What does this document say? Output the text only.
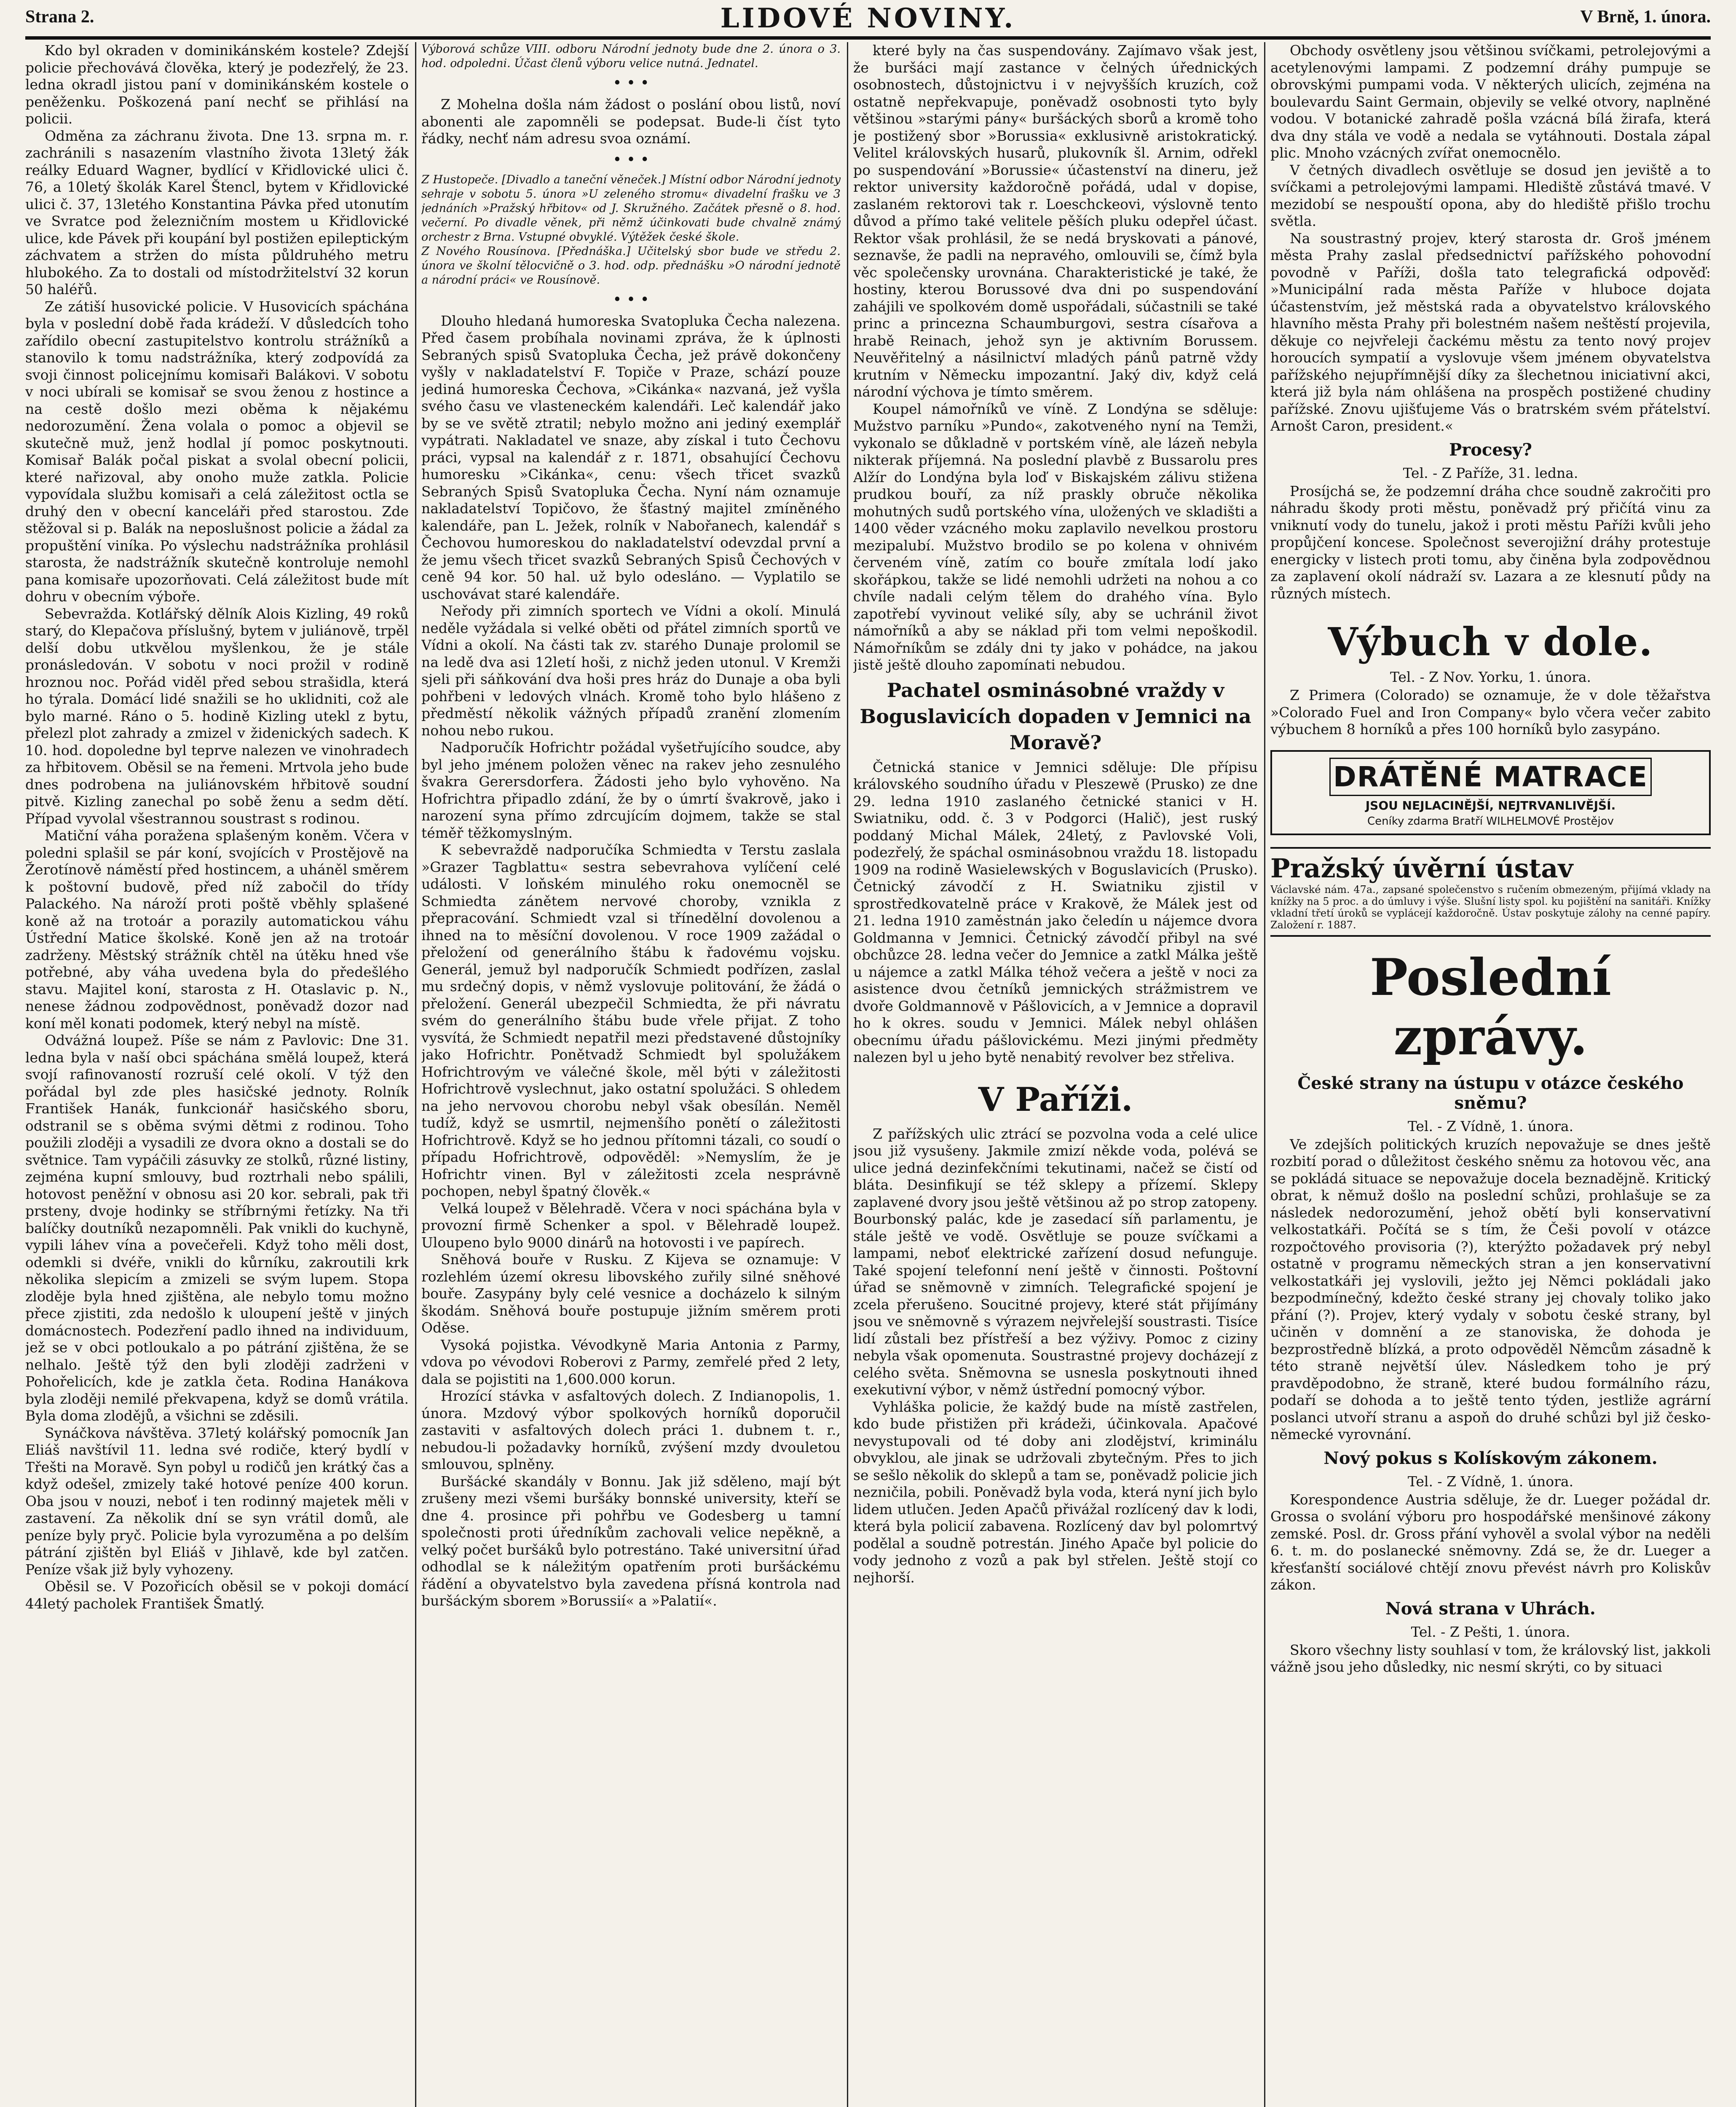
Strana 2.	LIDOVÉ NOVINY.	V Brně, 1. února.

Kdo byl okraden v dominikánském kostele? Zdejší policie přechovává člověka, který je podezřelý, že 23. ledna okradl jistou paní v dominikánském kostele o peněženku. Poškozená paní nechť se přihlásí na policii.

Odměna za záchranu života. Dne 13. srpna m. r. zachránili s nasazením vlastního života 13letý žák reálky Eduard Wagner, bydlící v Křidlovické ulici č. 76, a 10letý školák Karel Štencl, bytem v Křidlovické ulici č. 37, 13letého Konstantina Pávka před utonutím ve Svratce pod železničním mostem u Křidlovické ulice, kde Pávek při koupání byl postižen epileptickým záchvatem a stržen do místa půldruhého metru hlubokého. Za to dostali od místodržitelství 32 korun 50 haléřů.

Ze zátiší husovické policie. V Husovicích spáchána byla v poslední době řada krádeží. V důsledcích toho zařídilo obecní zastupitelstvo kontrolu strážníků a stanovilo k tomu nadstrážníka, který zodpovídá za svoji činnost policejnímu komisaři Balákovi. V sobotu v noci ubírali se komisař se svou ženou z hostince a na cestě došlo mezi oběma k nějakému nedorozumění. Žena volala o pomoc a objevil se skutečně muž, jenž hodlal jí pomoc poskytnouti. Komisař Balák počal piskat a svolal obecní policii, které nařizoval, aby onoho muže zatkla. Policie vypovídala službu komisaři a celá záležitost octla se druhý den v obecní kanceláři před starostou. Zde stěžoval si p. Balák na neposlušnost policie a žádal za propuštění viníka. Po výslechu nadstrážníka prohlásil starosta, že nadstrážník skutečně kontroluje nemohl pana komisaře upozorňovati. Celá záležitost bude mít dohru v obecním výboře.

Sebevražda. Kotlářský dělník Alois Kizling, 49 roků starý, do Klepačova příslušný, bytem v juliánově, trpěl delší dobu utkvělou myšlenkou, že je stále pronásledován. V sobotu v noci prožil v rodině hroznou noc. Pořád viděl před sebou strašidla, která ho týrala. Domácí lidé snažili se ho uklidniti, což ale bylo marné. Ráno o 5. hodině Kizling utekl z bytu, přelezl plot zahrady a zmizel v židenických sadech. K 10. hod. dopoledne byl teprve nalezen ve vinohradech za hřbitovem. Oběsil se na řemeni. Mrtvola jeho bude dnes podrobena na juliánovském hřbitově soudní pitvě. Kizling zanechal po sobě ženu a sedm dětí. Případ vyvolal všestrannou soustrast s rodinou.

Matiční váha poražena splašeným koněm. Včera v poledni splašil se pár koní, svojících v Prostějově na Žerotínově náměstí před hostincem, a uháněl směrem k poštovní budově, před níž zabočil do třídy Palackého. Na nároží proti poště vběhly splašené koně až na trotoár a porazily automatickou váhu Ústřední Matice školské. Koně jen až na trotoár zadrženy. Městský strážník chtěl na útěku hned vše potřebné, aby váha uvedena byla do předešlého stavu. Majitel koní, starosta z H. Otaslavic p. N., nenese žádnou zodpovědnost, poněvadž dozor nad koní měl konati podomek, který nebyl na místě.

Odvážná loupež. Píše se nám z Pavlovic: Dne 31. ledna byla v naší obci spáchána smělá loupež, která svojí rafinovaností rozruší celé okolí. V týž den pořádal byl zde ples hasičské jednoty. Rolník František Hanák, funkcionář hasičského sboru, odstranil se s oběma svými dětmi z rodinou. Toho použili zloději a vysadili ze dvora okno a dostali se do světnice. Tam vypáčili zásuvky ze stolků, různé listiny, zejména kupní smlouvy, bud roztrhali nebo spálili, hotovost peněžní v obnosu asi 20 kor. sebrali, pak tři prsteny, dvoje hodinky se stříbrnými řetízky. Na tři balíčky doutníků nezapomněli. Pak vnikli do kuchyně, vypili láhev vína a povečeřeli. Když toho měli dost, odemkli si dvéře, vnikli do kůrníku, zakroutili krk několika slepicím a zmizeli se svým lupem. Stopa zloděje byla hned zjištěna, ale nebylo tomu možno přece zjistiti, zda nedošlo k uloupení ještě v jiných domácnostech. Podezření padlo ihned na individuum, jež se v obci potloukalo a po pátrání zjištěna, že se nelhalo. Ještě týž den byli zloději zadrženi v Pohořelicích, kde je zatkla četa. Rodina Hanákova byla zloději nemilé překvapena, když se domů vrátila. Byla doma zlodějů, a všichni se zděsili.

Synáčkova návštěva. 37letý kolářský pomocník Jan Eliáš navštívil 11. ledna své rodiče, který bydlí v Třešti na Moravě. Syn pobyl u rodičů jen krátký čas a když odešel, zmizely také hotové peníze 400 korun. Oba jsou v nouzi, neboť i ten rodinný majetek měli v zastavení. Za několik dní se syn vrátil domů, ale peníze byly pryč. Policie byla vyrozuměna a po delším pátrání zjištěn byl Eliáš v Jihlavě, kde byl zatčen. Peníze však již byly vyhozeny.

Oběsil se. V Pozořicích oběsil se v pokoji domácí 44letý pacholek František Šmatlý.

Výborová schůze VIII. odboru Národní jednoty bude dne 2. února o 3. hod. odpoledni. Účast členů výboru velice nutná. Jednatel.

• • •

Z Mohelna došla nám žádost o poslání obou listů, noví abonenti ale zapomněli se podepsat. Bude-li číst tyto řádky, nechť nám adresu svoa oznámí.

• • •

Z Hustopeče. [Divadlo a taneční věneček.] Místní odbor Národní jednoty sehraje v sobotu 5. února »U zeleného stromu« divadelní frašku ve 3 jednáních »Pražský hřbitov« od J. Skružného. Začátek přesně o 8. hod. večerní. Po divadle věnek, při němž účinkovati bude chvalně známý orchestr z Brna. Vstupné obvyklé. Výtěžek české škole.

Z Nového Rousínova. [Přednáška.] Učitelský sbor bude ve středu 2. února ve školní tělocvičně o 3. hod. odp. přednášku »O národní jednotě a národní práci« ve Rousínově.

• • •

Dlouho hledaná humoreska Svatopluka Čecha nalezena. Před časem probíhala novinami zpráva, že k úplnosti Sebraných spisů Svatopluka Čecha, jež právě dokončeny vyšly v nakladatelství F. Topiče v Praze, schází pouze jediná humoreska Čechova, »Cikánka« nazvaná, jež vyšla svého času ve vlasteneckém kalendáři. Leč kalendář jako by se ve světě ztratil; nebylo možno ani jediný exemplář vypátrati. Nakladatel ve snaze, aby získal i tuto Čechovu práci, vypsal na kalendář z r. 1871, obsahující Čechovu humoresku »Cikánka«, cenu: všech třicet svazků Sebraných Spisů Svatopluka Čecha. Nyní nám oznamuje nakladatelství Topičovo, že šťastný majitel zmíněného kalendáře, pan L. Ježek, rolník v Nabořanech, kalendář s Čechovou humoreskou do nakladatelství odevzdal první a že jemu všech třicet svazků Sebraných Spisů Čechových v ceně 94 kor. 50 hal. už bylo odesláno. — Vyplatilo se uschovávat staré kalendáře.

Neřody při zimních sportech ve Vídni a okolí. Minulá neděle vyžádala si velké oběti od přátel zimních sportů ve Vídni a okolí. Na části tak zv. starého Dunaje prolomil se na ledě dva asi 12letí hoši, z nichž jeden utonul. V Kremži sjeli při sáňkování dva hoši pres hráz do Dunaje a oba byli pohřbeni v ledových vlnách. Kromě toho bylo hlášeno z předměstí několik vážných případů zranění zlomením nohou nebo rukou.

Nadporučík Hofrichtr požádal vyšetřujícího soudce, aby byl jeho jménem položen věnec na rakev jeho zesnulého švakra Gerersdorfera. Žádosti jeho bylo vyhověno. Na Hofrichtra připadlo zdání, že by o úmrtí švakrově, jako i narození syna přímo zdrcujícím dojmem, takže se stal téměř těžkomyslným.

K sebevraždě nadporučíka Schmiedta v Terstu zaslala »Grazer Tagblattu« sestra sebevrahova vylíčení celé události. V loňském minulého roku onemocněl se Schmiedta zánětem nervové choroby, vznikla z přepracování. Schmiedt vzal si třínedělní dovolenou a ihned na to měsíční dovolenou. V roce 1909 zažádal o přeložení od generálního štábu k řadovému vojsku. Generál, jemuž byl nadporučík Schmiedt podřízen, zaslal mu srdečný dopis, v němž vyslovuje politování, že žádá o přeložení. Generál ubezpečil Schmiedta, že při návratu svém do generálního štábu bude vřele přijat. Z toho vysvítá, že Schmiedt nepatřil mezi představené důstojníky jako Hofrichtr. Ponětvadž Schmiedt byl spolužákem Hofrichtrovým ve válečné škole, měl býti v záležitosti Hofrichtrově vyslechnut, jako ostatní spolužáci. S ohledem na jeho nervovou chorobu nebyl však obesílán. Neměl tudíž, když se usmrtil, nejmenšího ponětí o záležitosti Hofrichtrově. Když se ho jednou přítomni tázali, co soudí o případu Hofrichtrově, odpověděl: »Nemyslím, že je Hofrichtr vinen. Byl v záležitosti zcela nesprávně pochopen, nebyl špatný člověk.«

Velká loupež v Bělehradě. Včera v noci spáchána byla v provozní firmě Schenker a spol. v Bělehradě loupež. Uloupeno bylo 9000 dinárů na hotovosti i ve papírech.

Sněhová bouře v Rusku. Z Kijeva se oznamuje: V rozlehlém území okresu libovského zuřily silné sněhové bouře. Zasypány byly celé vesnice a docházelo k silným škodám. Sněhová bouře postupuje jižním směrem proti Oděse.

Vysoká pojistka. Vévodkyně Maria Antonia z Parmy, vdova po vévodovi Roberovi z Parmy, zemřelé před 2 lety, dala se pojistiti na 1,600.000 korun.

Hrozící stávka v asfaltových dolech. Z Indianopolis, 1. února. Mzdový výbor spolkových horníků doporučil zastaviti v asfaltových dolech práci 1. dubnem t. r., nebudou-li požadavky horníků, zvýšení mzdy dvouletou smlouvou, splněny.

Buršácké skandály v Bonnu. Jak již sděleno, mají být zrušeny mezi všemi buršáky bonnské university, kteří se dne 4. prosince při pohřbu ve Godesberg u tamní společnosti proti úředníkům zachovali velice nepěkně, a velký počet buršáků bylo potrestáno. Také universitní úřad odhodlal se k náležitým opatřením proti buršáckému řádění a obyvatelstvo byla zavedena přísná kontrola nad buršáckým sborem »Borussií« a »Palatií«.

které byly na čas suspendovány. Zajímavo však jest, že buršáci mají zastance v čelných úřednických osobnostech, důstojnictvu i v nejvyšších kruzích, což ostatně nepřekvapuje, poněvadž osobnosti tyto byly většinou »starými pány« buršáckých sborů a kromě toho je postižený sbor »Borussia« exklusivně aristokratický. Velitel královských husarů, plukovník šl. Arnim, odřekl po suspendování »Borussie« účastenství na dineru, jež rektor university každoročně pořádá, udal v dopise, zaslaném rektorovi tak r. Loeschckeovi, výslovně tento důvod a přímo také velitele pěších pluku odepřel účast. Rektor však prohlásil, že se nedá bryskovati a pánové, seznavše, že padli na nepravého, omlouvili se, čímž byla věc společensky urovnána. Charakteristické je také, že hostiny, kterou Borussové dva dni po suspendování zahájili ve spolkovém domě uspořádali, súčastnili se také princ a princezna Schaumburgovi, sestra císařova a hrabě Reinach, jehož syn je aktivním Borussem. Neuvěřitelný a násilnictví mladých pánů patrně vždy krutním v Německu impozantní. Jaký div, když celá národní výchova je tímto směrem.

Koupel námořníků ve víně. Z Londýna se sděluje: Mužstvo parníku »Pundo«, zakotveného nyní na Temži, vykonalo se důkladně v portském víně, ale lázeň nebyla nikterak příjemná. Na poslední plavbě z Bussarolu pres Alžír do Londýna byla loď v Biskajském zálivu stižena prudkou bouří, za níž praskly obruče několika mohutných sudů portského vína, uložených ve skladišti a 1400 věder vzácného moku zaplavilo nevelkou prostoru mezipalubí. Mužstvo brodilo se po kolena v ohnivém červeném víně, zatím co bouře zmítala lodí jako skořápkou, takže se lidé nemohli udržeti na nohou a co chvíle nadali celým tělem do drahého vína. Bylo zapotřebí vyvinout veliké síly, aby se uchránil život námořníků a aby se náklad při tom velmi nepoškodil. Námořníkům se zdály dni ty jako v pohádce, na jakou jistě ještě dlouho zapomínati nebudou.

Pachatel osminásobné vraždy v Boguslavicích dopaden v Jemnici na Moravě?

Četnická stanice v Jemnici sděluje: Dle přípisu královského soudního úřadu v Pleszewě (Prusko) ze dne 29. ledna 1910 zaslaného četnické stanici v H. Swiatniku, odd. č. 3 v Podgorci (Halič), jest ruský poddaný Michal Málek, 24letý, z Pavlovské Voli, podezřelý, že spáchal osminásobnou vraždu 18. listopadu 1909 na rodině Wasielewských v Boguslavicích (Prusko). Četnický závodčí z H. Swiatniku zjistil v sprostředkovatelně práce v Krakově, že Málek jest od 21. ledna 1910 zaměstnán jako čeledín u nájemce dvora Goldmanna v Jemnici. Četnický závodčí přibyl na své obchůzce 28. ledna večer do Jemnice a zatkl Málka ještě u nájemce a zatkl Málka téhož večera a ještě v noci za asistence dvou četníků jemnických strážmistrem ve dvoře Goldmannově v Pášlovicích, a v Jemnice a dopravil ho k okres. soudu v Jemnici. Málek nebyl ohlášen obecnímu úřadu pášlovickému. Mezi jinými předměty nalezen byl u jeho bytě nenabitý revolver bez střeliva.

V Paříži.

Z pařížských ulic ztrácí se pozvolna voda a celé ulice jsou již vysušeny. Jakmile zmizí někde voda, polévá se ulice jedná dezinfekčními tekutinami, načež se čistí od bláta. Desinfikují se též sklepy a přízemí. Sklepy zaplavené dvory jsou ještě většinou až po strop zatopeny. Bourbonský palác, kde je zasedací síň parlamentu, je stále ještě ve vodě. Osvětluje se pouze svíčkami a lampami, neboť elektrické zařízení dosud nefunguje. Také spojení telefonní není ještě v činnosti. Poštovní úřad se sněmovně v zimních. Telegrafické spojení je zcela přerušeno. Soucitné projevy, které stát přijímány jsou ve sněmovně s výrazem nejvřelejší soustrasti. Tisíce lidí zůstali bez přístřeší a bez výživy. Pomoc z ciziny nebyla však opomenuta. Soustrastné projevy docházejí z celého světa. Sněmovna se usnesla poskytnouti ihned exekutivní výbor, v němž ústřední pomocný výbor.

Vyhláška policie, že každý bude na místě zastřelen, kdo bude přistižen při krádeži, účinkovala. Apačové nevystupovali od té doby ani zlodějství, kriminálu obvyklou, ale jinak se udržovali zbytečným. Přes to jich se sešlo několik do sklepů a tam se, poněvadž policie jich nezničila, pobili. Poněvadž byla voda, která nyní jich bylo lidem utlučen. Jeden Apačů přivážal rozlícený dav k lodi, která byla policií zabavena. Rozlícený dav byl polomrtvý podělal a soudně potrestán. Jiného Apače byl policie do vody jednoho z vozů a pak byl střelen. Ještě stojí co nejhorší.

Obchody osvětleny jsou většinou svíčkami, petrolejovými a acetylenovými lampami. Z podzemní dráhy pumpuje se obrovskými pumpami voda. V některých ulicích, zejména na boulevardu Saint Germain, objevily se velké otvory, naplněné vodou. V botanické zahradě pošla vzácná bílá žirafa, která dva dny stála ve vodě a nedala se vytáhnouti. Dostala zápal plic. Mnoho vzácných zvířat onemocnělo.

V četných divadlech osvětluje se dosud jen jeviště a to svíčkami a petrolejovými lampami. Hlediště zůstává tmavé. V mezidobí se nespouští opona, aby do hlediště přišlo trochu světla.

Na soustrastný projev, který starosta dr. Groš jménem města Prahy zaslal předsednictví pařížského pohovodní povodně v Paříži, došla tato telegrafická odpověď: »Municipální rada města Paříže v hluboce dojata účastenstvím, jež městská rada a obyvatelstvo královského hlavního města Prahy při bolestném našem neštěstí projevila, děkuje co nejvřeleji čackému městu za tento nový projev horoucích sympatií a vyslovuje všem jménem obyvatelstva pařížského nejupřímnější díky za šlechetnou iniciativní akci, která již byla nám ohlášena na prospěch postižené chudiny pařížské. Znovu ujišťujeme Vás o bratrském svém přátelství. Arnošt Caron, president.«

Procesy?
Tel. - Z Paříže, 31. ledna.

Prosíjchá se, že podzemní dráha chce soudně zakročiti pro náhradu škody proti městu, poněvadž prý přičítá vinu za vniknutí vody do tunelu, jakož i proti městu Paříži kvůli jeho propůjčení koncese. Společnost severojižní dráhy protestuje energicky v listech proti tomu, aby činěna byla zodpovědnou za zaplavení okolí nádraží sv. Lazara a ze klesnutí půdy na různých místech.

Výbuch v dole.
Tel. - Z Nov. Yorku, 1. února.

Z Primera (Colorado) se oznamuje, že v dole těžařstva »Colorado Fuel and Iron Company« bylo včera večer zabito výbuchem 8 horníků a přes 100 horníků bylo zasypáno.

DRÁTĚNÉ MATRACE
JSOU NEJLACINĚJŠÍ, NEJTRVANLIVĚJŠÍ.
Ceníky zdarma Bratří WILHELMOVÉ Prostějov
Pražský úvěrní ústav
Václavské nám. 47a., zapsané společenstvo s ručením obmezeným, přijímá vklady na knížky na 5 proc. a do úmluvy i výše. Slušní listy spol. ku pojištění na sanitáři. Knížky vkladní třetí úroků se vyplácejí každoročně. Ústav poskytuje zálohy na cenné papíry. Založení r. 1887.
Poslední zprávy.
České strany na ústupu v otázce českého sněmu?
Tel. - Z Vídně, 1. února.

Ve zdejších politických kruzích nepovažuje se dnes ještě rozbití porad o důležitost českého sněmu za hotovou věc, ana se pokládá situace se nepovažuje docela beznadějně. Kritický obrat, k němuž došlo na poslední schůzi, prohlašuje se za následek nedorozumění, jehož obětí byli konservativní velkostatkáři. Počítá se s tím, že Češi povolí v otázce rozpočtového provisoria (?), kterýžto požadavek prý nebyl ostatně v programu německých stran a jen konservativní velkostatkáři jej vyslovili, ježto jej Němci pokládali jako bezpodmínečný, kdežto české strany jej chovaly toliko jako přání (?). Projev, který vydaly v sobotu české strany, byl učiněn v domnění a ze stanoviska, že dohoda je bezprostředně blízká, a proto odpověděl Němcům zásadně k této straně největší úlev. Následkem toho je prý pravděpodobno, že straně, které budou formálního rázu, podaří se dohoda a to ještě tento týden, jestliže agrární poslanci utvoří stranu a aspoň do druhé schůzi byl již česko-německé vyrovnání.

Nový pokus s Kolískovým zákonem.
Tel. - Z Vídně, 1. února.

Korespondence Austria sděluje, že dr. Lueger požádal dr. Grossa o svolání výboru pro hospodářské menšinové zákony zemské. Posl. dr. Gross přání vyhověl a svolal výbor na neděli 6. t. m. do poslanecké sněmovny. Zdá se, že dr. Lueger a křesťanští sociálové chtějí znovu převést návrh pro Koliskův zákon.

Nová strana v Uhrách.
Tel. - Z Pešti, 1. února.

Skoro všechny listy souhlasí v tom, že královský list, jakkoli vážně jsou jeho důsledky, nic nesmí skrýti, co by situaci
